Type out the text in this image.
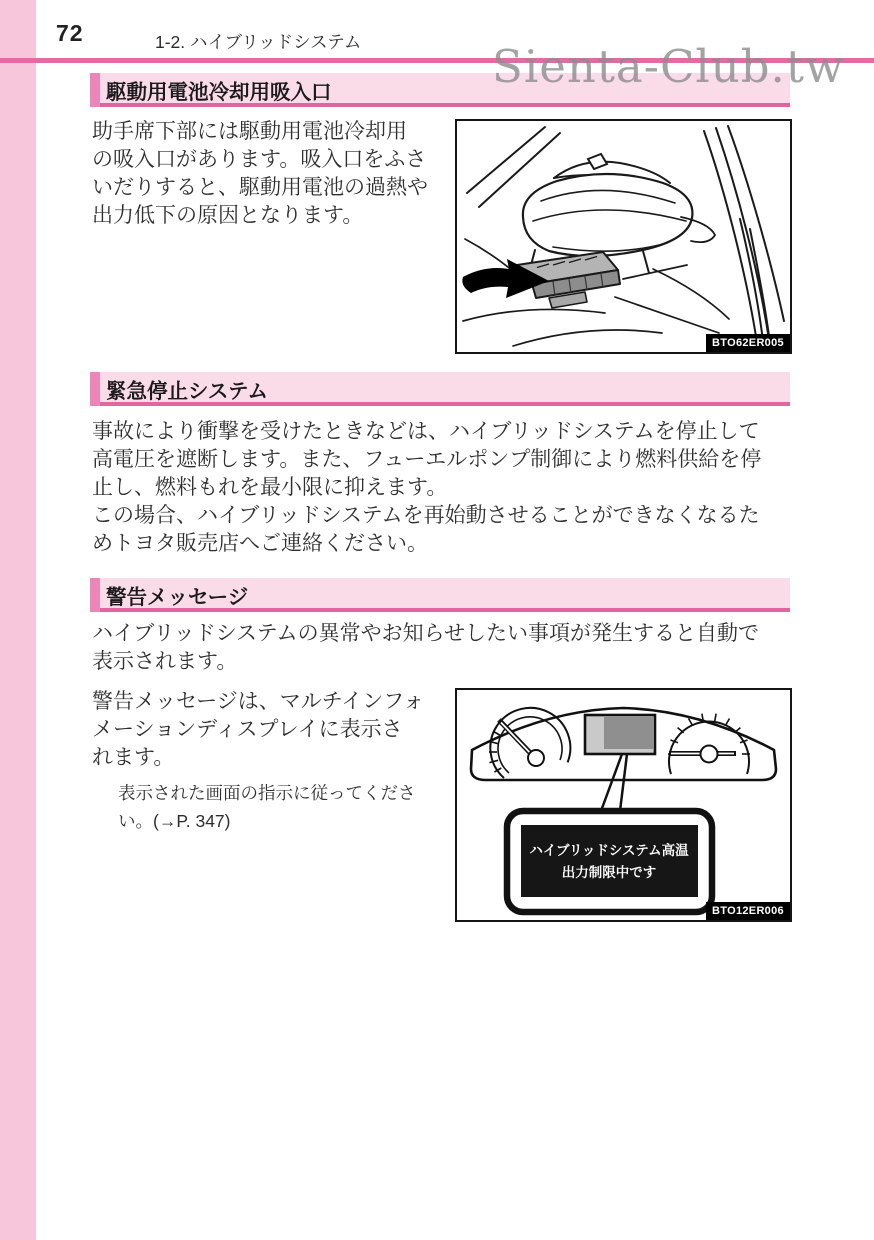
72	1-2. ハイブリッドシステム	Sienta-Club.tw
駆動用電池冷却用吸入口
助手席下部には駆動用電池冷却用
の吸入口があります。吸入口をふさ
いだりすると、駆動用電池の過熱や
出力低下の原因となります。
BTO62ER005
緊急停止システム
事故により衝撃を受けたときなどは、ハイブリッドシステムを停止して
高電圧を遮断します。また、フューエルポンプ制御により燃料供給を停
止し、燃料もれを最小限に抑えます。
この場合、ハイブリッドシステムを再始動させることができなくなるた
めトヨタ販売店へご連絡ください。
警告メッセージ
ハイブリッドシステムの異常やお知らせしたい事項が発生すると自動で
表示されます。
警告メッセージは、マルチインフォ
メーションディスプレイに表示さ
れます。
表示された画面の指示に従ってくださ
い。(→P. 347)
ハイブリッドシステム高温
出力制限中です
BTO12ER006
